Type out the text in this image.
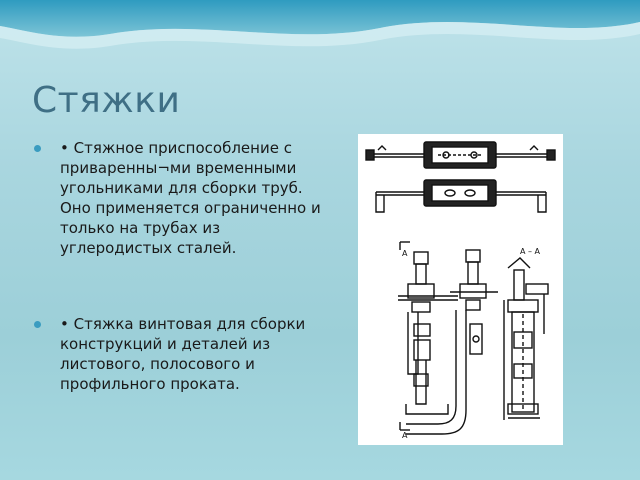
Стяжки
• Стяжное приспособление с приваренны¬ми временными угольниками для сборки труб. Оно применяется ограниченно и только на трубах из углеродистых сталей.
• Стяжка винтовая для сборки конструкций и деталей из листового, полосового и профильного проката.
A
A
A – A
